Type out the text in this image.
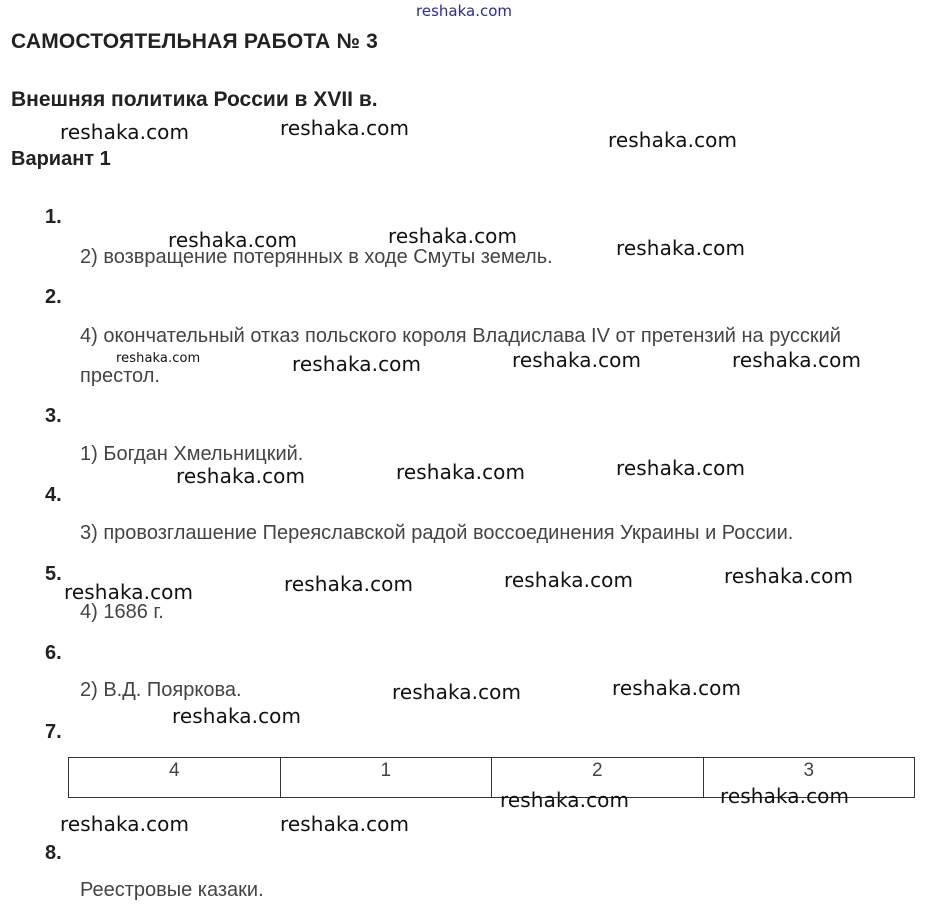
reshaka.com
САМОСТОЯТЕЛЬНАЯ РАБОТА № 3
Внешняя политика России в XVII в.
Вариант 1
1.
2) возвращение потерянных в ходе Смуты земель.
2.
4) окончательный отказ польского короля Владислава IV от претензий на русский престол.
3.
1) Богдан Хмельницкий.
4.
3) провозглашение Переяславской радой воссоединения Украины и России.
5.
4) 1686 г.
6.
2) В.Д. Пояркова.
7.
4	1	2	3
8.
Реестровые казаки.
reshaka.com	reshaka.com	reshaka.com
reshaka.com	reshaka.com	reshaka.com
reshaka.com	reshaka.com	reshaka.com	reshaka.com
reshaka.com	reshaka.com	reshaka.com
reshaka.com	reshaka.com	reshaka.com	reshaka.com
reshaka.com	reshaka.com
reshaka.com
reshaka.com	reshaka.com
reshaka.com	reshaka.com
